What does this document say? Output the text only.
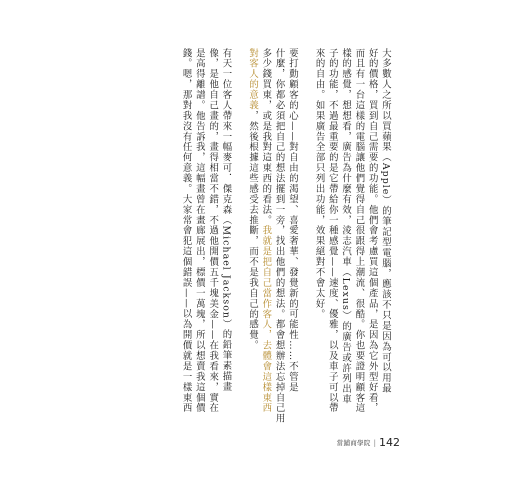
大多數人之所以買蘋果（Apple）的筆記型電腦，應該不只是因為可以用最
好的價格，買到自己需要的功能。他們會考慮買這個產品，是因為它外型好看，
而且有一台這樣的電腦讓他們覺得自己很跟得上潮流、很酷。你也要證明顧客這
樣的感覺，想想看，廣告為什麼有效，淩志汽車（Lexus）的廣告或許列出車
子的功能，不過最重要的是它帶給你一種感覺——速度、優雅，以及車子可以帶
來的自由。如果廣告全部只列出功能，效果絕對不會太好。
要打動顧客的心——對自由的渴望、喜愛奢華、發覺新的可能性……不管是
什麼，你都必須把自己的想法擺到一旁，找出他們的想法。都會想辦法忘掉自己用
多少錢買東，或是我對這東西的看法。我就是把自己當作客人，去體會這樣東西
對客人的意義，然後根據這些感受去推斷，而不是我自己的感覺。
有天一位客人帶來一幅麥可．傑克森（Michael Jackson）的鉛筆素描畫
像，是他自己畫的，畫得相當不錯，不過他開價五千塊美金——在我看來，實在
是高得離譜。他告訴我，這幅畫曾在畫廊展出，標價一萬塊，所以想賣我這個價
錢。嗯，那對我沒有任何意義。大家常會犯這個錯誤——以為開價就是一樣東西
當鋪商學院 | 142
